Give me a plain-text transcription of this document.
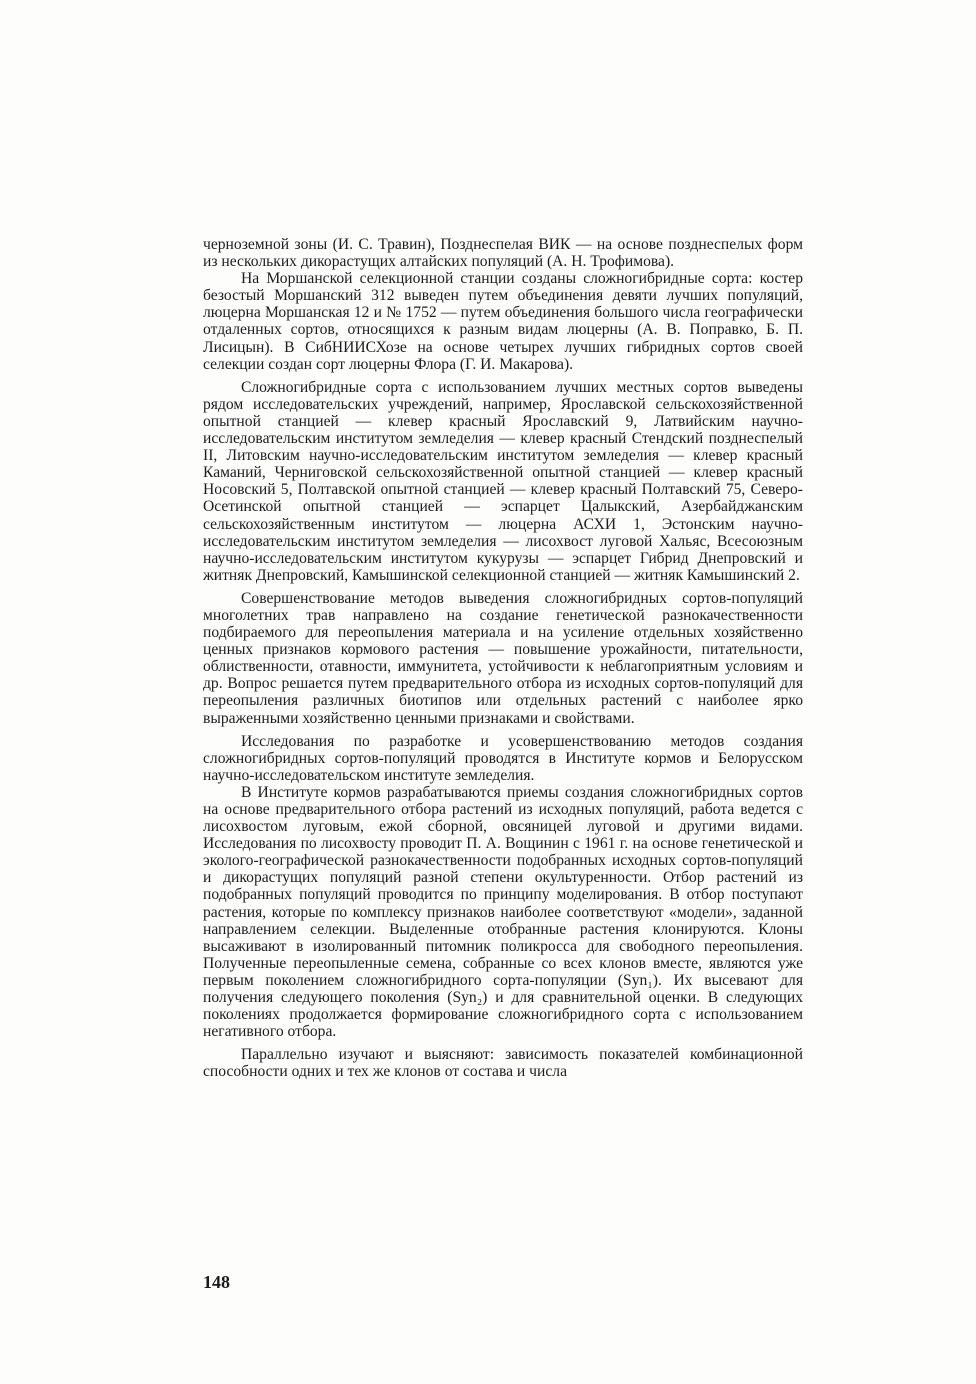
чернозeмной зоны (И. С. Травин), Позднеспелая ВИК — на основе позднеспелых форм из нескольких дикорастущих алтайских популяций (А. Н. Трофимова).

На Моршанской селекционной станции созданы сложногибридные сорта: костер безостый Моршанский 312 выведен путем объединения девяти лучших популяций, люцерна Моршанская 12 и № 1752 — путем объединения большого числа географически отдаленных сортов, относящихся к разным видам люцерны (А. В. Поправко, Б. П. Лисицын). В СибНИИСХозе на основе четырех лучших гибридных сортов своей селекции создан сорт люцерны Флора (Г. И. Макарова).

Сложногибридные сорта с использованием лучших местных сортов выведены рядом исследовательских учреждений, например, Ярославской сельскохозяйственной опытной станцией — клевер красный Ярославский 9, Латвийским научно-исследовательским институтом земледелия — клевер красный Стендский позднеспелый II, Литовским научно-исследовательским институтом земледелия — клевер красный Каманий, Черниговской сельскохозяйственной опытной станцией — клевер красный Носовский 5, Полтавской опытной станцией — клевер красный Полтавский 75, Северо-Осетинской опытной станцией — эспарцет Цалыкский, Азербайджанским сельскохозяйственным институтом — люцерна АСХИ 1, Эстонским научно-исследовательским институтом земледелия — лисохвост луговой Хальяс, Всесоюзным научно-исследовательским институтом кукурузы — эспарцет Гибрид Днепровский и житняк Днепровский, Камышинской селекционной станцией — житняк Камышинский 2.

Совершенствование методов выведения сложногибридных сортов-популяций многолетних трав направлено на создание генетической разнокачественности подбираемого для переопыления материала и на усиление отдельных хозяйственно ценных признаков кормового растения — повышение урожайности, питательности, облиственности, отавности, иммунитета, устойчивости к неблагоприятным условиям и др. Вопрос решается путем предварительного отбора из исходных сортов-популяций для переопыления различных биотипов или отдельных растений с наиболее ярко выраженными хозяйственно ценными признаками и свойствами.

Исследования по разработке и усовершенствованию методов создания сложногибридных сортов-популяций проводятся в Институте кормов и Белорусском научно-исследовательском институте земледелия.

В Институте кормов разрабатываются приемы создания сложногибридных сортов на основе предварительного отбора растений из исходных популяций, работа ведется с лисохвостом луговым, ежой сборной, овсяницей луговой и другими видами. Исследования по лисохвосту проводит П. А. Вощинин с 1961 г. на основе генетической и эколого-географической разнокачественности подобранных исходных сортов-популяций и дикорастущих популяций разной степени окультуренности. Отбор растений из подобранных популяций проводится по принципу моделирования. В отбор поступают растения, которые по комплексу признаков наиболее соответствуют «модели», заданной направлением селекции. Выделенные отобранные растения клонируются. Клоны высаживают в изолированный питомник поликросса для свободного переопыления. Полученные переопыленные семена, собранные со всех клонов вместе, являются уже первым поколением сложногибридного сорта-популяции (Syn₁). Их высевают для получения следующего поколения (Syn₂) и для сравнительной оценки. В следующих поколениях продолжается формирование сложногибридного сорта с использованием негативного отбора.

Параллельно изучают и выясняют: зависимость показателей комбинационной способности одних и тех же клонов от состава и числа

148
